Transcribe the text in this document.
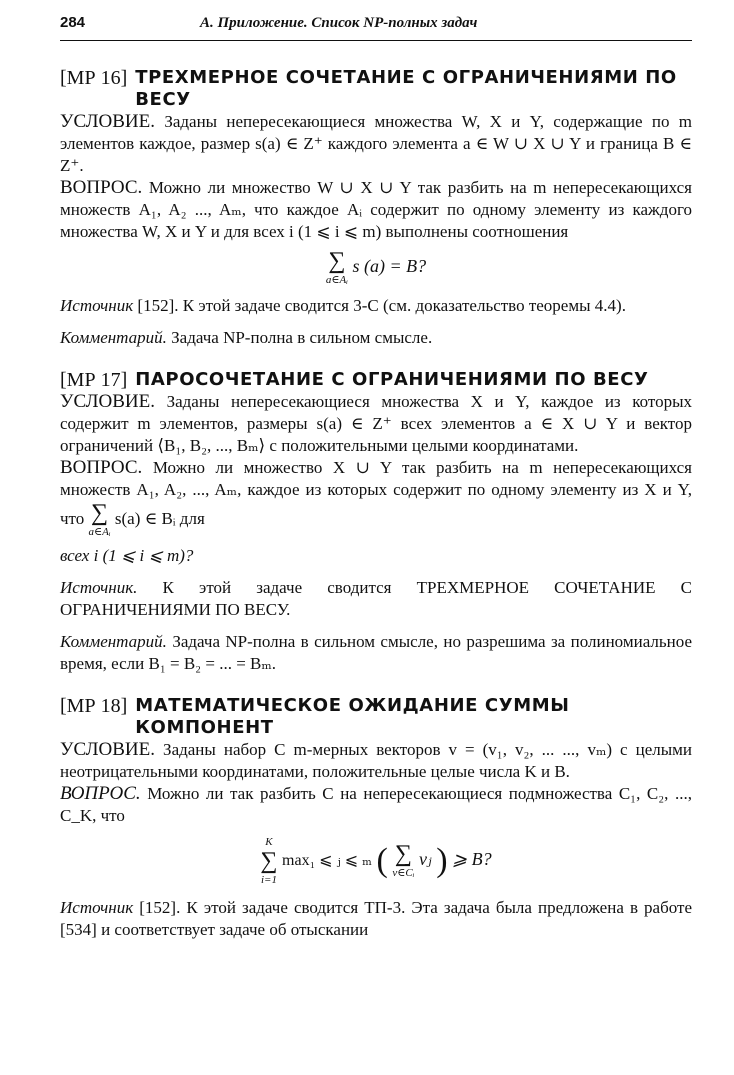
284	А. Приложение. Список NP-полных задач
[МР 16] ТРЕХМЕРНОЕ СОЧЕТАНИЕ С ОГРАНИЧЕНИЯМИ ПО ВЕСУ

УСЛОВИЕ. Заданы непересекающиеся множества W, X и Y, содержащие по m элементов каждое, размер s(a) ∈ Z⁺ каждого элемента a ∈ W ∪ X ∪ Y и граница B ∈ Z⁺.

ВОПРОС. Можно ли множество W ∪ X ∪ Y так разбить на m непересекающихся множеств A₁, A₂ ..., Aₘ, что каждое Aᵢ содержит по одному элементу из каждого множества W, X и Y и для всех i (1 ⩽ i ⩽ m) выполнены соотношения

∑
a∈Aᵢ
s (a) = B?

Источник [152]. К этой задаче сводится 3-С (см. доказательство теоремы 4.4).

Комментарий. Задача NP-полна в сильном смысле.

[МР 17] ПАРОСОЧЕТАНИЕ С ОГРАНИЧЕНИЯМИ ПО ВЕСУ

УСЛОВИЕ. Заданы непересекающиеся множества X и Y, каждое из которых содержит m элементов, размеры s(a) ∈ Z⁺ всех элементов a ∈ X ∪ Y и вектор ограничений ⟨B₁, B₂, ..., Bₘ⟩ с положительными целыми координатами.

ВОПРОС. Можно ли множество X ∪ Y так разбить на m непересекающихся множеств A₁, A₂, ..., Aₘ, каждое из которых содержит по одному элементу из X и Y, что ∑
a∈Aᵢ
s(a) ∈ Bᵢ для

всех i (1 ⩽ i ⩽ m)?

Источник. К этой задаче сводится ТРЕХМЕРНОЕ СОЧЕТАНИЕ С ОГРАНИЧЕНИЯМИ ПО ВЕСУ.

Комментарий. Задача NP-полна в сильном смысле, но разрешима за полиномиальное время, если B₁ = B₂ = ... = Bₘ.

[МР 18] МАТЕМАТИЧЕСКОЕ ОЖИДАНИЕ СУММЫ КОМПОНЕНТ

УСЛОВИЕ. Заданы набор C m-мерных векторов v = (v₁, v₂, ... ..., vₘ) с целыми неотрицательными координатами, положительные целые числа K и B.

ВОПРОС. Можно ли так разбить C на непересекающиеся подмножества C₁, C₂, ..., C_K, что

K
∑
i=1
max₁ ⩽ ⱼ ⩽ ₘ ( ∑
v∈Cᵢ
vⱼ ) ⩾ B?

Источник [152]. К этой задаче сводится ТП-3. Эта задача была предложена в работе [534] и соответствует задаче об отыскании
